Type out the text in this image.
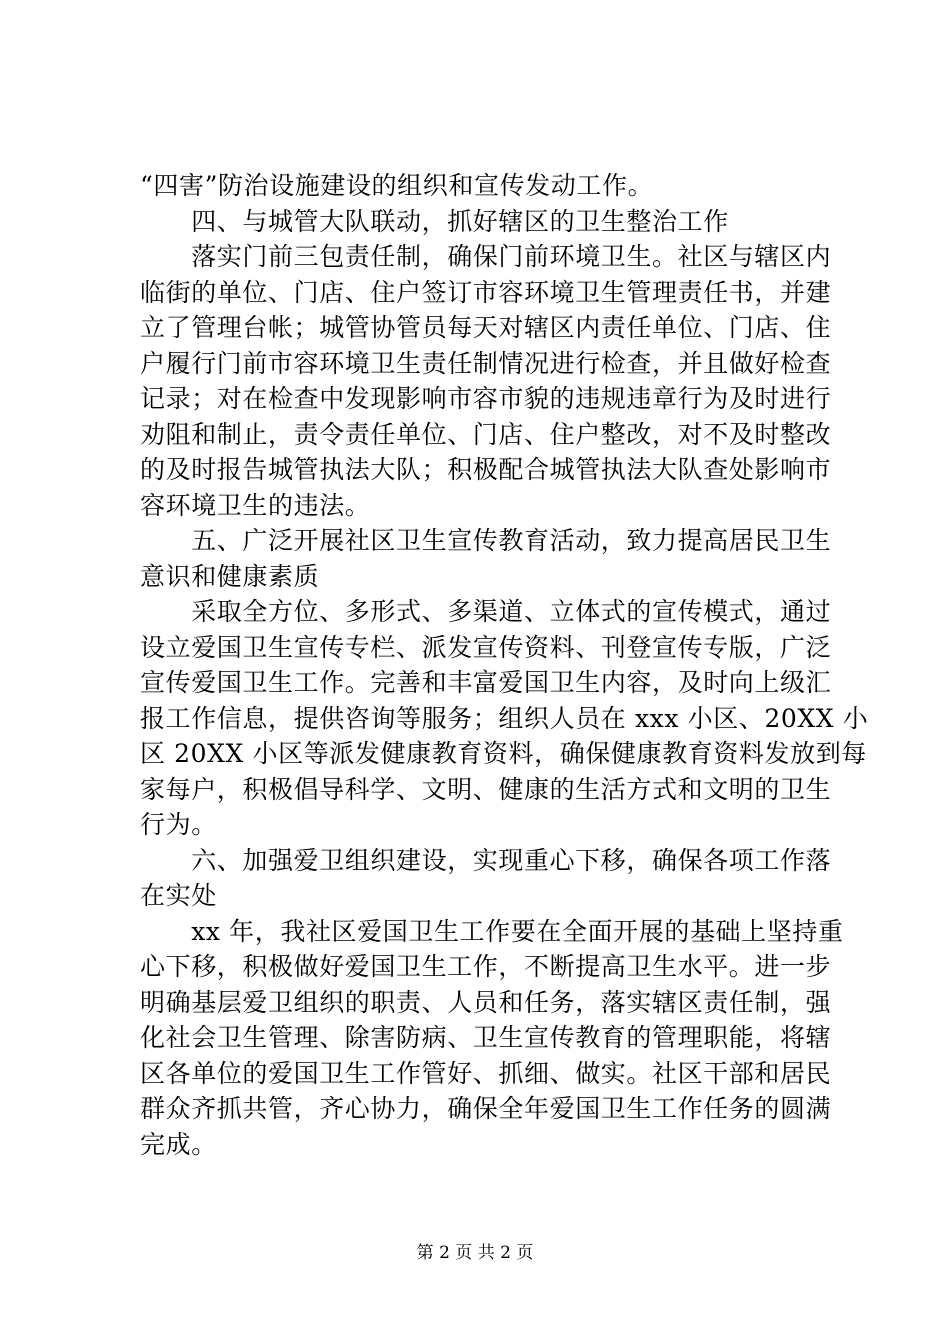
“四害”防治设施建设的组织和宣传发动工作。
　　四、与城管大队联动，抓好辖区的卫生整治工作
　　落实门前三包责任制，确保门前环境卫生。社区与辖区内
临街的单位、门店、住户签订市容环境卫生管理责任书，并建
立了管理台帐；城管协管员每天对辖区内责任单位、门店、住
户履行门前市容环境卫生责任制情况进行检查，并且做好检查
记录；对在检查中发现影响市容市貌的违规违章行为及时进行
劝阻和制止，责令责任单位、门店、住户整改，对不及时整改
的及时报告城管执法大队；积极配合城管执法大队查处影响市
容环境卫生的违法。
　　五、广泛开展社区卫生宣传教育活动，致力提高居民卫生
意识和健康素质
　　采取全方位、多形式、多渠道、立体式的宣传模式，通过
设立爱国卫生宣传专栏、派发宣传资料、刊登宣传专版，广泛
宣传爱国卫生工作。完善和丰富爱国卫生内容，及时向上级汇
报工作信息，提供咨询等服务；组织人员在 xxx 小区、20XX 小
区 20XX 小区等派发健康教育资料，确保健康教育资料发放到每
家每户，积极倡导科学、文明、健康的生活方式和文明的卫生
行为。
　　六、加强爱卫组织建设，实现重心下移，确保各项工作落
在实处
　　xx 年，我社区爱国卫生工作要在全面开展的基础上坚持重
心下移，积极做好爱国卫生工作，不断提高卫生水平。进一步
明确基层爱卫组织的职责、人员和任务，落实辖区责任制，强
化社会卫生管理、除害防病、卫生宣传教育的管理职能，将辖
区各单位的爱国卫生工作管好、抓细、做实。社区干部和居民
群众齐抓共管，齐心协力，确保全年爱国卫生工作任务的圆满
完成。
第 2 页 共 2 页
